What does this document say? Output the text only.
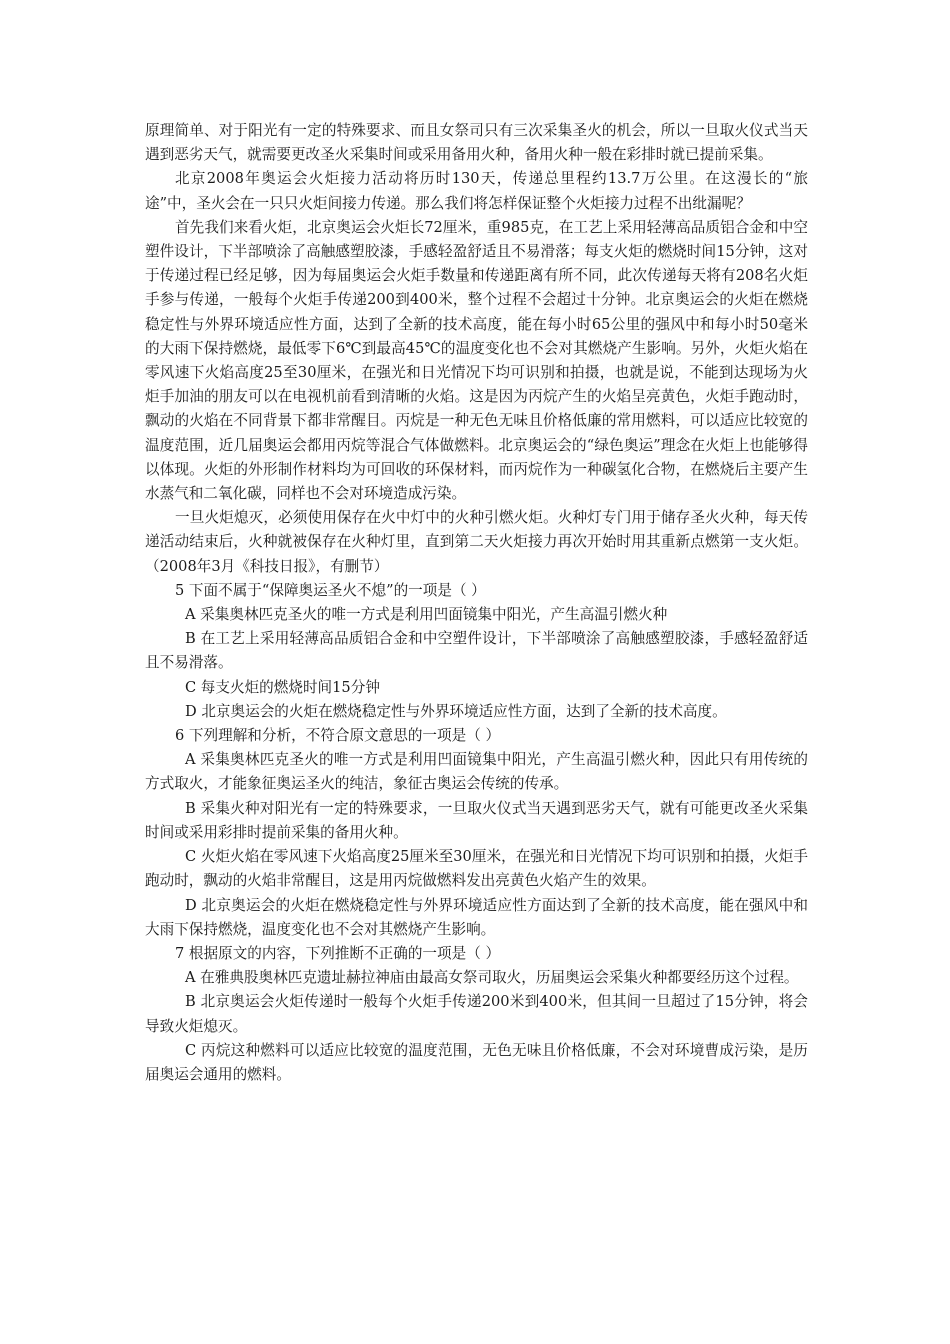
原理简单、对于阳光有一定的特殊要求、而且女祭司只有三次采集圣火的机会，所以一旦取火仪式当天遇到恶劣天气，就需要更改圣火采集时间或采用备用火种，备用火种一般在彩排时就已提前采集。

北京2008年奥运会火炬接力活动将历时130天，传递总里程约13.7万公里。在这漫长的“旅途”中，圣火会在一只只火炬间接力传递。那么我们将怎样保证整个火炬接力过程不出纰漏呢？

首先我们来看火炬，北京奥运会火炬长72厘米，重985克，在工艺上采用轻薄高品质铝合金和中空塑件设计，下半部喷涂了高触感塑胶漆，手感轻盈舒适且不易滑落；每支火炬的燃烧时间15分钟，这对于传递过程已经足够，因为每届奥运会火炬手数量和传递距离有所不同，此次传递每天将有208名火炬手参与传递，一般每个火炬手传递200到400米，整个过程不会超过十分钟。北京奥运会的火炬在燃烧稳定性与外界环境适应性方面，达到了全新的技术高度，能在每小时65公里的强风中和每小时50毫米的大雨下保持燃烧，最低零下6℃到最高45℃的温度变化也不会对其燃烧产生影响。另外，火炬火焰在零风速下火焰高度25至30厘米，在强光和日光情况下均可识别和拍摄，也就是说，不能到达现场为火炬手加油的朋友可以在电视机前看到清晰的火焰。这是因为丙烷产生的火焰呈亮黄色，火炬手跑动时，飘动的火焰在不同背景下都非常醒目。丙烷是一种无色无味且价格低廉的常用燃料，可以适应比较宽的温度范围，近几届奥运会都用丙烷等混合气体做燃料。北京奥运会的“绿色奥运”理念在火炬上也能够得以体现。火炬的外形制作材料均为可回收的环保材料，而丙烷作为一种碳氢化合物，在燃烧后主要产生水蒸气和二氧化碳，同样也不会对环境造成污染。

一旦火炬熄灭，必须使用保存在火中灯中的火种引燃火炬。火种灯专门用于储存圣火火种，每天传递活动结束后，火种就被保存在火种灯里，直到第二天火炬接力再次开始时用其重新点燃第一支火炬。（2008年3月《科技日报》，有删节）

5 下面不属于“保障奥运圣火不熄”的一项是（ ）

A 采集奥林匹克圣火的唯一方式是利用凹面镜集中阳光，产生高温引燃火种

B 在工艺上采用轻薄高品质铝合金和中空塑件设计，下半部喷涂了高触感塑胶漆，手感轻盈舒适且不易滑落。

C 每支火炬的燃烧时间15分钟

D 北京奥运会的火炬在燃烧稳定性与外界环境适应性方面，达到了全新的技术高度。

6 下列理解和分析，不符合原文意思的一项是（ ）

A 采集奥林匹克圣火的唯一方式是利用凹面镜集中阳光，产生高温引燃火种，因此只有用传统的方式取火，才能象征奥运圣火的纯洁，象征古奥运会传统的传承。

B 采集火种对阳光有一定的特殊要求，一旦取火仪式当天遇到恶劣天气，就有可能更改圣火采集时间或采用彩排时提前采集的备用火种。

C 火炬火焰在零风速下火焰高度25厘米至30厘米，在强光和日光情况下均可识别和拍摄，火炬手跑动时，飘动的火焰非常醒目，这是用丙烷做燃料发出亮黄色火焰产生的效果。

D 北京奥运会的火炬在燃烧稳定性与外界环境适应性方面达到了全新的技术高度，能在强风中和大雨下保持燃烧，温度变化也不会对其燃烧产生影响。

7 根据原文的内容，下列推断不正确的一项是（ ）

A 在雅典股奥林匹克遗址赫拉神庙由最高女祭司取火，历届奥运会采集火种都要经历这个过程。

B 北京奥运会火炬传递时一般每个火炬手传递200米到400米，但其间一旦超过了15分钟，将会导致火炬熄灭。

C 丙烷这种燃料可以适应比较宽的温度范围，无色无味且价格低廉，不会对环境曹成污染，是历届奥运会通用的燃料。
